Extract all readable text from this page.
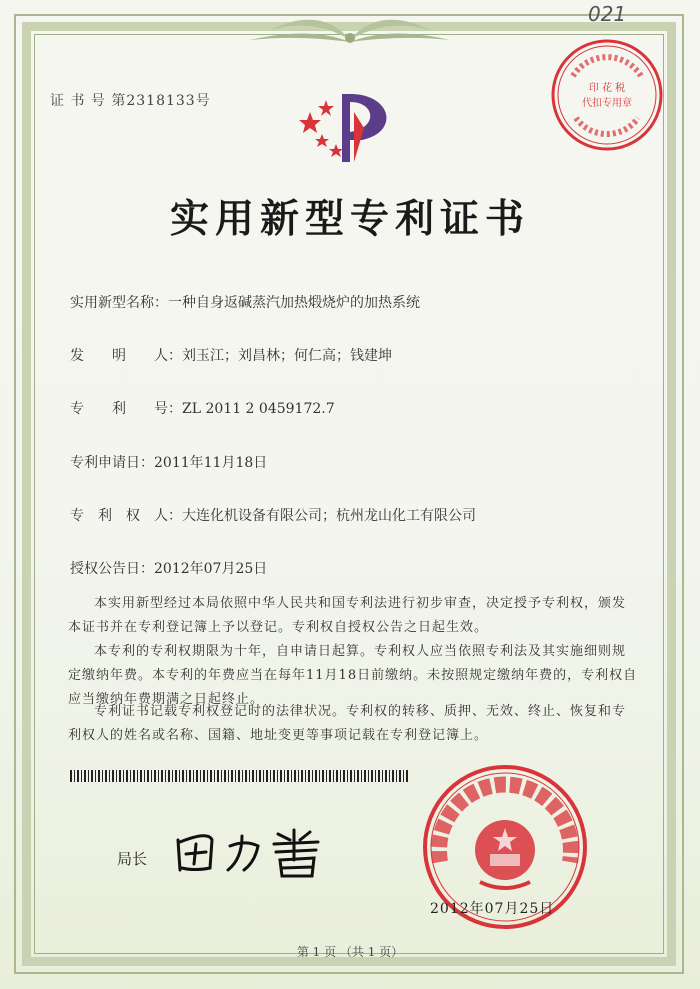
021
证 书 号 第2318133号
印 花 税
代扣专用章
实用新型专利证书
实用新型名称：一种自身返碱蒸汽加热煅烧炉的加热系统
发　　明　　人：刘玉江；刘昌林；何仁高；钱建坤
专　　利　　号：ZL 2011 2 0459172.7
专利申请日：2011年11月18日
专　利　权　人：大连化机设备有限公司；杭州龙山化工有限公司
授权公告日：2012年07月25日
本实用新型经过本局依照中华人民共和国专利法进行初步审查，决定授予专利权，颁发本证书并在专利登记簿上予以登记。专利权自授权公告之日起生效。
本专利的专利权期限为十年，自申请日起算。专利权人应当依照专利法及其实施细则规定缴纳年费。本专利的年费应当在每年11月18日前缴纳。未按照规定缴纳年费的，专利权自应当缴纳年费期满之日起终止。
专利证书记载专利权登记时的法律状况。专利权的转移、质押、无效、终止、恢复和专利权人的姓名或名称、国籍、地址变更等事项记载在专利登记簿上。
局长
2012年07月25日
第 1 页 （共 1 页）
